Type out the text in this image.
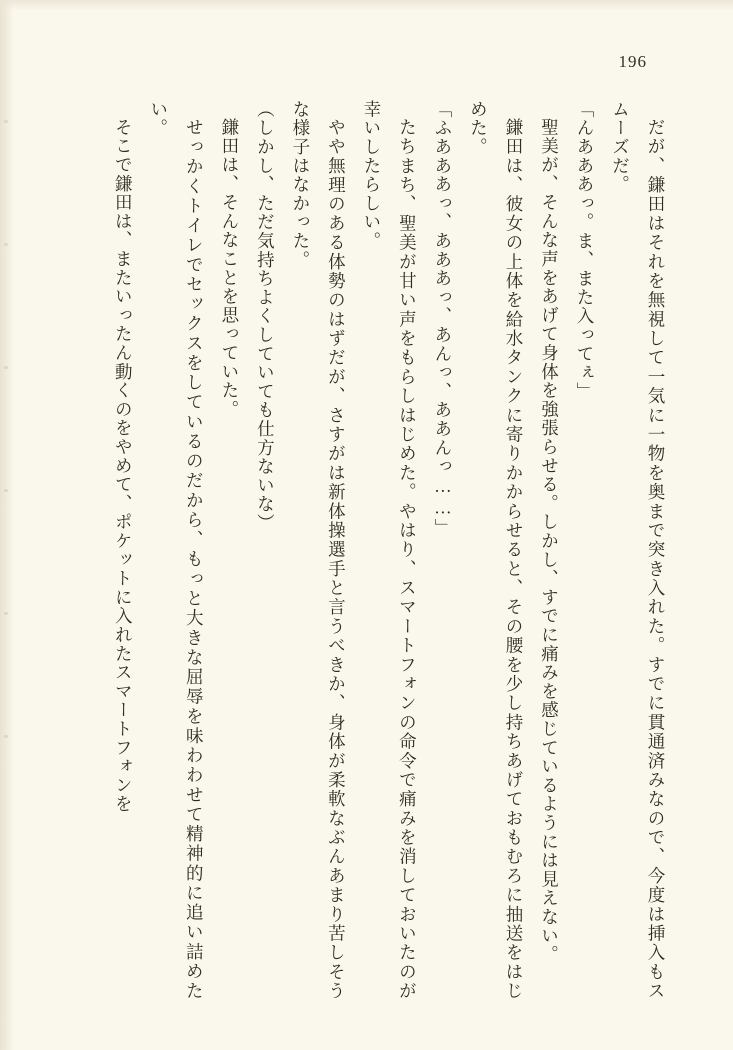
196

だが、鎌田はそれを無視して一気に一物を奥まで突き入れた。すでに貫通済みなので、今度は挿入もスムーズだ。

「んあああっ。ま、また入ってぇ」

聖美が、そんな声をあげて身体を強張らせる。しかし、すでに痛みを感じているようには見えない。

鎌田は、彼女の上体を給水タンクに寄りかからせると、その腰を少し持ちあげておもむろに抽送をはじめた。

「ふあああっ、あああっ、あんっ、ああんっ……」

たちまち、聖美が甘い声をもらしはじめた。やはり、スマートフォンの命令で痛みを消しておいたのが幸いしたらしい。

やや無理のある体勢のはずだが、さすがは新体操選手と言うべきか、身体が柔軟なぶんあまり苦しそうな様子はなかった。

（しかし、ただ気持ちよくしていても仕方ないな）

鎌田は、そんなことを思っていた。

せっかくトイレでセックスをしているのだから、もっと大きな屈辱を味わわせて精神的に追い詰めたい。

そこで鎌田は、またいったん動くのをやめて、ポケットに入れたスマートフォンを
